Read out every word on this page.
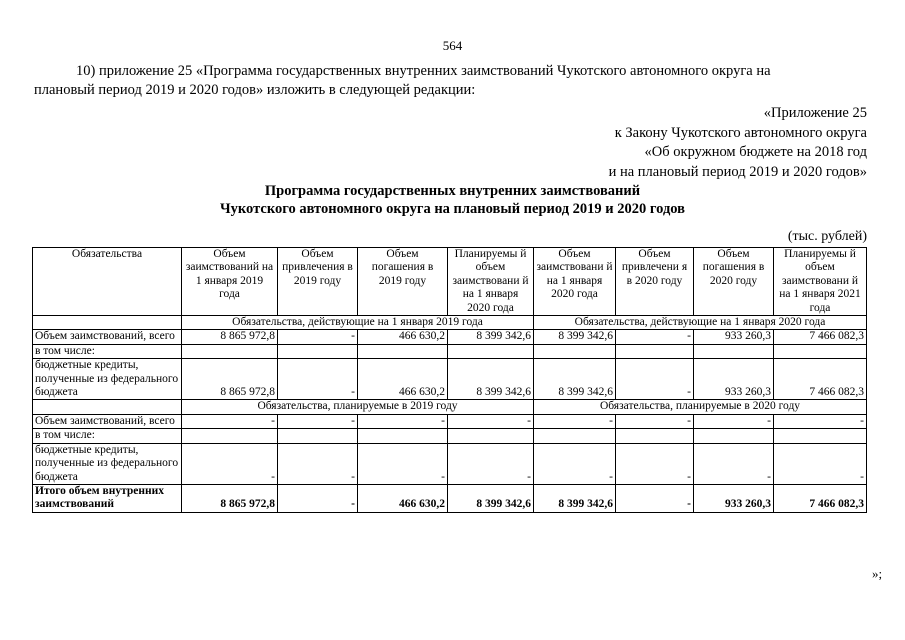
564
10) приложение 25 «Программа государственных внутренних заимствований Чукотского автономного округа на
плановый период 2019 и 2020 годов» изложить в следующей редакции:
«Приложение 25
к Закону Чукотского автономного округа
«Об окружном бюджете на 2018 год
и на плановый период 2019 и 2020 годов»
Программа государственных внутренних заимствований
Чукотского автономного округа на плановый период 2019 и 2020 годов
(тыс. рублей)
Обязательства	Объем заимствований на 1 января 2019 года	Объем привлечения в 2019 году	Объем погашения в 2019 году	Планируемы й объем заимствовани й на 1 января 2020 года	Объем заимствовани й на 1 января 2020 года	Объем привлечени я в 2020 году	Объем погашения в 2020 году	Планируемы й объем заимствовани й на 1 января 2021 года
	Обязательства, действующие на 1 января 2019 года				Обязательства, действующие на 1 января 2020 года			
Объем заимствований, всего	8 865 972,8	-	466 630,2	8 399 342,6	8 399 342,6	-	933 260,3	7 466 082,3
в том числе:								
бюджетные кредиты, полученные из федерального бюджета	8 865 972,8	-	466 630,2	8 399 342,6	8 399 342,6	-	933 260,3	7 466 082,3
	Обязательства, планируемые в 2019 году				Обязательства, планируемые в 2020 году			
Объем заимствований, всего	-	-	-	-	-	-	-	-
в том числе:								
бюджетные кредиты, полученные из федерального бюджета	-	-	-	-	-	-	-	-
Итого объем внутренних заимствований	8 865 972,8	-	466 630,2	8 399 342,6	8 399 342,6	-	933 260,3	7 466 082,3
»;
